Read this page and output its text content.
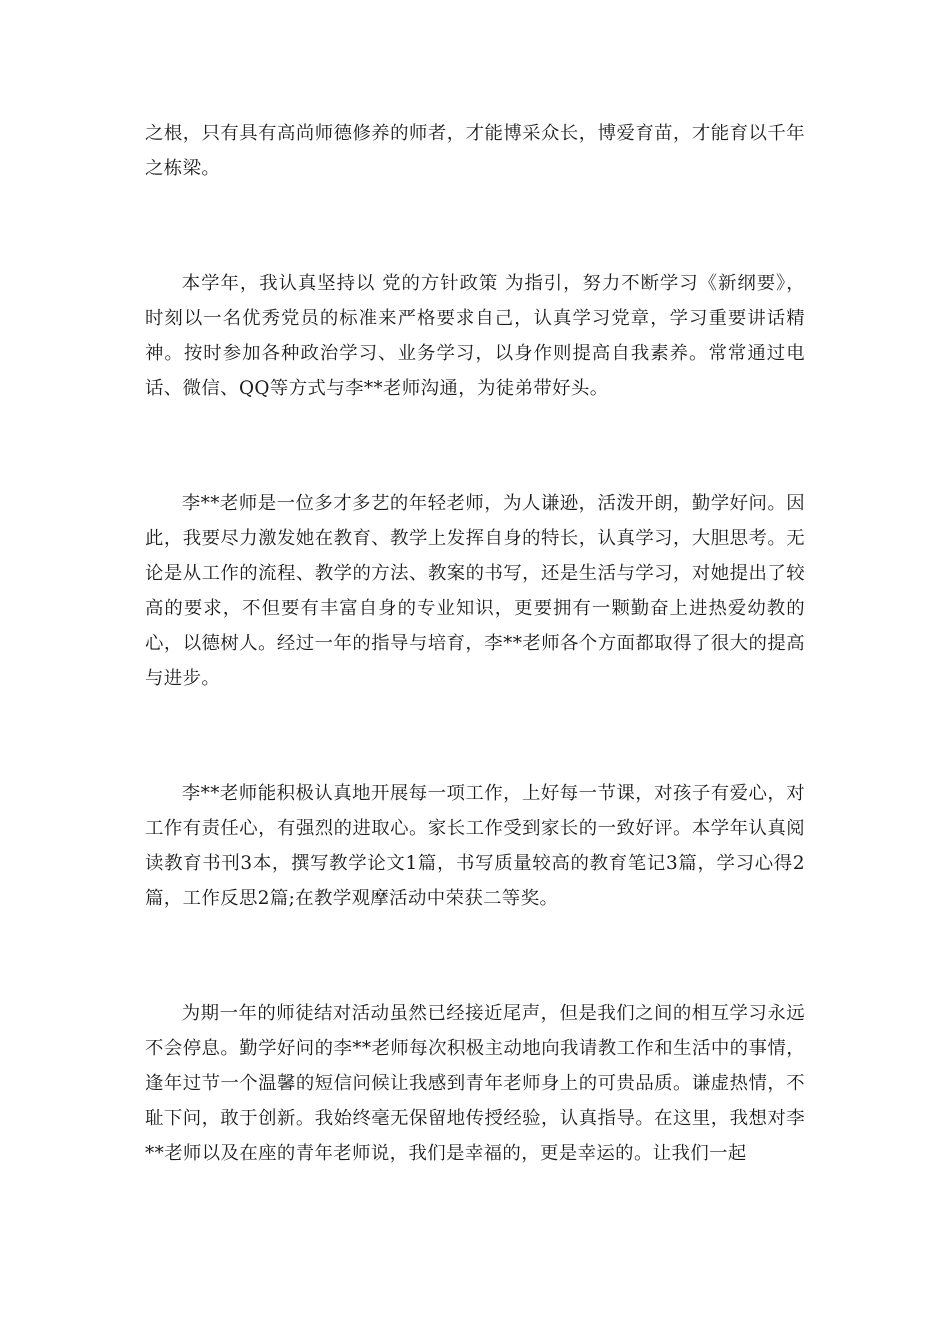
之根，只有具有高尚师德修养的师者，才能博采众长，博爱育苗，才能育以千年之栋梁。

本学年，我认真坚持以 党的方针政策 为指引，努力不断学习《新纲要》，时刻以一名优秀党员的标准来严格要求自己，认真学习党章，学习重要讲话精神。按时参加各种政治学习、业务学习，以身作则提高自我素养。常常通过电话、微信、QQ等方式与李**老师沟通，为徒弟带好头。

李**老师是一位多才多艺的年轻老师，为人谦逊，活泼开朗，勤学好问。因此，我要尽力激发她在教育、教学上发挥自身的特长，认真学习，大胆思考。无论是从工作的流程、教学的方法、教案的书写，还是生活与学习，对她提出了较高的要求，不但要有丰富自身的专业知识，更要拥有一颗勤奋上进热爱幼教的心，以德树人。经过一年的指导与培育，李**老师各个方面都取得了很大的提高与进步。

李**老师能积极认真地开展每一项工作，上好每一节课，对孩子有爱心，对工作有责任心，有强烈的进取心。家长工作受到家长的一致好评。本学年认真阅读教育书刊3本，撰写教学论文1篇，书写质量较高的教育笔记3篇，学习心得2篇，工作反思2篇;在教学观摩活动中荣获二等奖。

为期一年的师徒结对活动虽然已经接近尾声，但是我们之间的相互学习永远不会停息。勤学好问的李**老师每次积极主动地向我请教工作和生活中的事情，逢年过节一个温馨的短信问候让我感到青年老师身上的可贵品质。谦虚热情，不耻下问，敢于创新。我始终毫无保留地传授经验，认真指导。在这里，我想对李**老师以及在座的青年老师说，我们是幸福的，更是幸运的。让我们一起
